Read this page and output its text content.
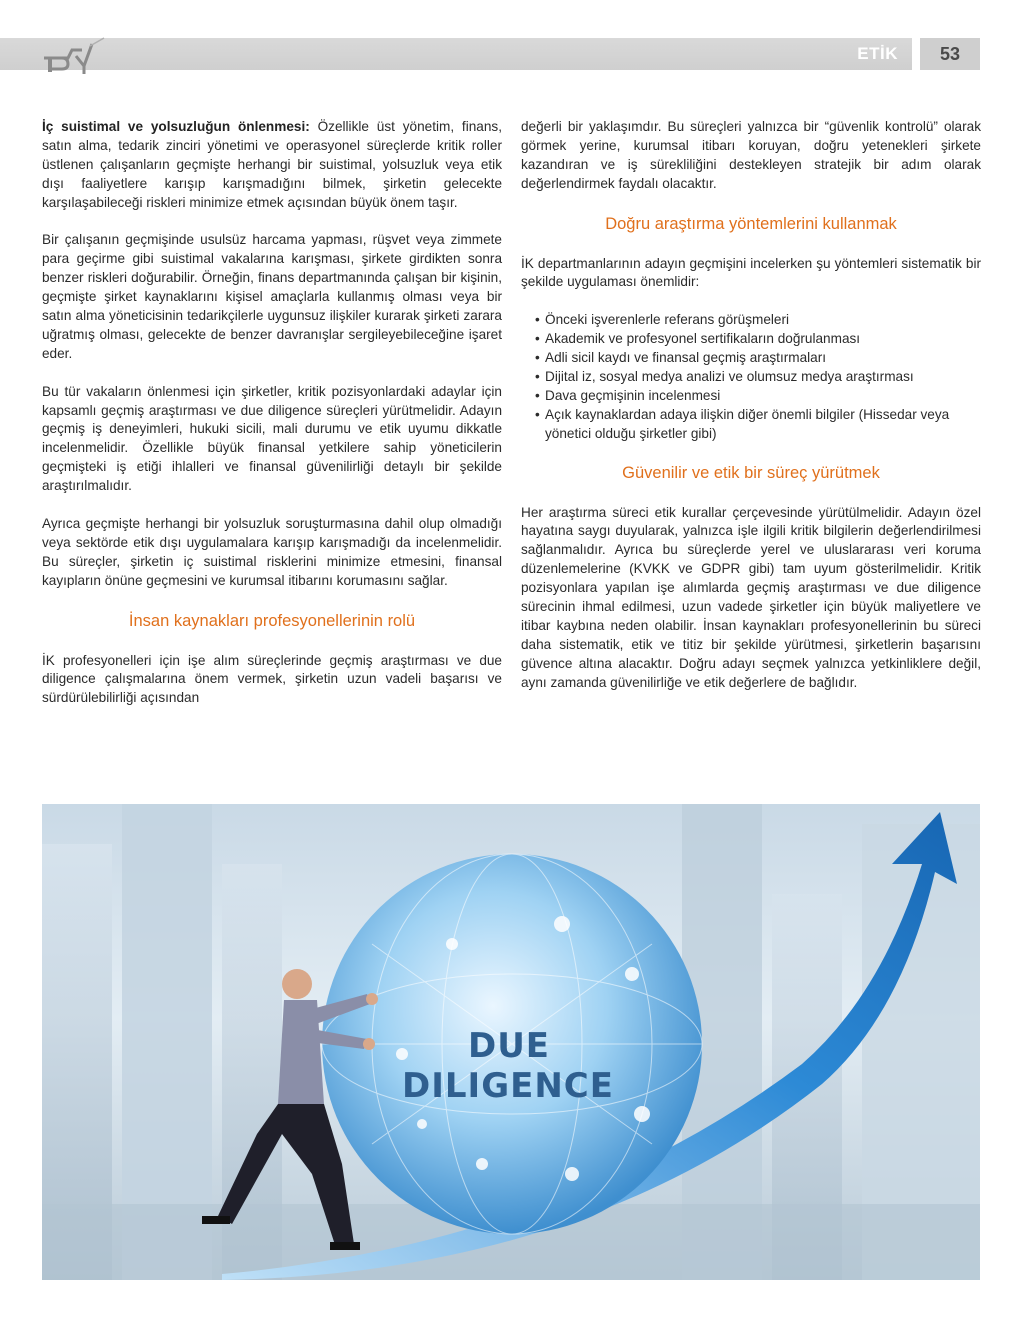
ETİK	53

İç suistimal ve yolsuzluğun önlenmesi: Özellikle üst yönetim, finans, satın alma, tedarik zinciri yönetimi ve operasyonel süreçlerde kritik roller üstlenen çalışanların geçmişte herhangi bir suistimal, yolsuzluk veya etik dışı faaliyetlere karışıp karışmadığını bilmek, şirketin gelecekte karşılaşabileceği riskleri minimize etmek açısından büyük önem taşır.

Bir çalışanın geçmişinde usulsüz harcama yapması, rüşvet veya zimmete para geçirme gibi suistimal vakalarına karışması, şirkete girdikten sonra benzer riskleri doğurabilir. Örneğin, finans departmanında çalışan bir kişinin, geçmişte şirket kaynaklarını kişisel amaçlarla kullanmış olması veya bir satın alma yöneticisinin tedarikçilerle uygunsuz ilişkiler kurarak şirketi zarara uğratmış olması, gelecekte de benzer davranışlar sergileyebileceğine işaret eder.

Bu tür vakaların önlenmesi için şirketler, kritik pozisyonlardaki adaylar için kapsamlı geçmiş araştırması ve due diligence süreçleri yürütmelidir. Adayın geçmiş iş deneyimleri, hukuki sicili, mali durumu ve etik uyumu dikkatle incelenmelidir. Özellikle büyük finansal yetkilere sahip yöneticilerin geçmişteki iş etiği ihlalleri ve finansal güvenilirliği detaylı bir şekilde araştırılmalıdır.

Ayrıca geçmişte herhangi bir yolsuzluk soruşturmasına dahil olup olmadığı veya sektörde etik dışı uygulamalara karışıp karışmadığı da incelenmelidir. Bu süreçler, şirketin iç suistimal risklerini minimize etmesini, finansal kayıpların önüne geçmesini ve kurumsal itibarını korumasını sağlar.

İnsan kaynakları profesyonellerinin rolü

İK profesyonelleri için işe alım süreçlerinde geçmiş araştırması ve due diligence çalışmalarına önem vermek, şirketin uzun vadeli başarısı ve sürdürülebilirliği açısından

değerli bir yaklaşımdır. Bu süreçleri yalnızca bir “güvenlik kontrolü” olarak görmek yerine, kurumsal itibarı koruyan, doğru yetenekleri şirkete kazandıran ve iş sürekliliğini destekleyen stratejik bir adım olarak değerlendirmek faydalı olacaktır.

Doğru araştırma yöntemlerini kullanmak

İK departmanlarının adayın geçmişini incelerken şu yöntemleri sistematik bir şekilde uygulaması önemlidir:

• Önceki işverenlerle referans görüşmeleri
• Akademik ve profesyonel sertifikaların doğrulanması
• Adli sicil kaydı ve finansal geçmiş araştırmaları
• Dijital iz, sosyal medya analizi ve olumsuz medya araştırması
• Dava geçmişinin incelenmesi
• Açık kaynaklardan adaya ilişkin diğer önemli bilgiler (Hissedar veya yönetici olduğu şirketler gibi)
Güvenilir ve etik bir süreç yürütmek

Her araştırma süreci etik kurallar çerçevesinde yürütülmelidir. Adayın özel hayatına saygı duyularak, yalnızca işle ilgili kritik bilgilerin değerlendirilmesi sağlanmalıdır. Ayrıca bu süreçlerde yerel ve uluslararası veri koruma düzenlemelerine (KVKK ve GDPR gibi) tam uyum gösterilmelidir. Kritik pozisyonlara yapılan işe alımlarda geçmiş araştırması ve due diligence sürecinin ihmal edilmesi, uzun vadede şirketler için büyük maliyetlere ve itibar kaybına neden olabilir. İnsan kaynakları profesyonellerinin bu süreci daha sistematik, etik ve titiz bir şekilde yürütmesi, şirketlerin başarısını güvence altına alacaktır. Doğru adayı seçmek yalnızca yetkinliklere değil, aynı zamanda güvenilirliğe ve etik değerlere de bağlıdır.

DUE
DILIGENCE
